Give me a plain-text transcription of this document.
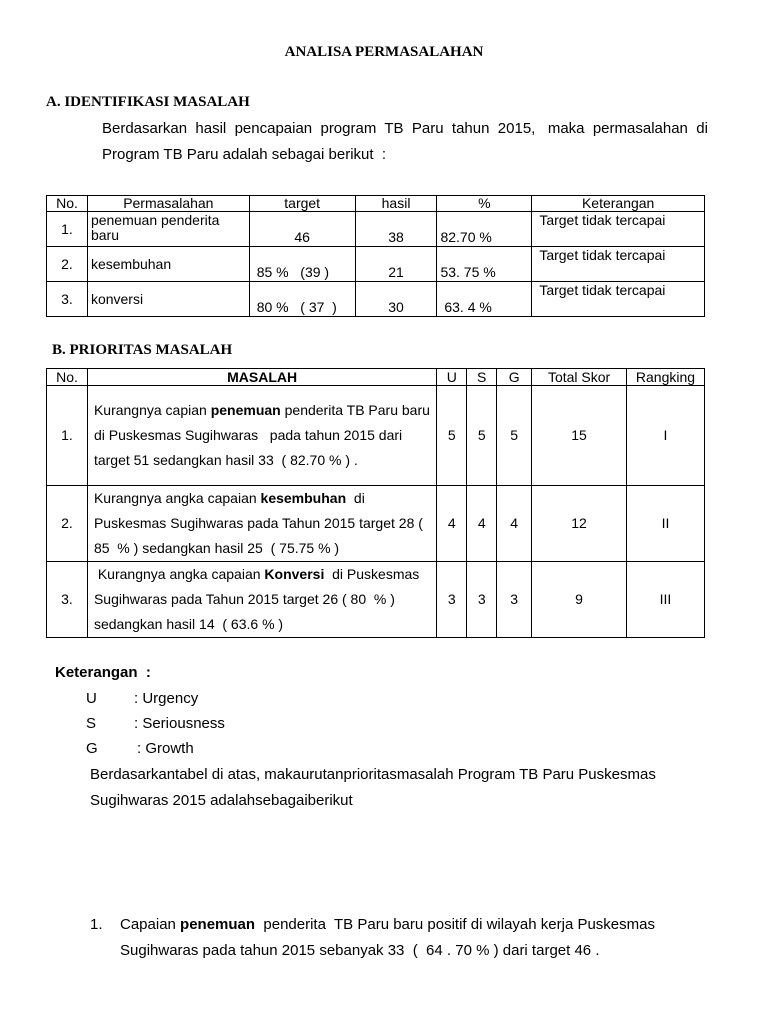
ANALISA PERMASALAHAN
A. IDENTIFIKASI MASALAH
Berdasarkan  hasil  pencapaian  program  TB  Paru  tahun  2015,   maka  permasalahan  di
Program TB Paru adalah sebagai berikut  :
No.	Permasalahan	target	hasil	%	Keterangan
1.	penemuan penderita baru	46	38	82.70 %	Target tidak tercapai
2.	kesembuhan	85 %   (39 )	21	53. 75 %	Target tidak tercapai
3.	konversi	80 %   ( 37  )	30	63. 4 %	Target tidak tercapai
B. PRIORITAS MASALAH
No.	MASALAH	U	S	G	Total Skor	Rangking
1.	Kurangnya capian penemuan penderita TB Paru baru  di Puskesmas Sugihwaras   pada tahun 2015 dari target 51 sedangkan hasil 33  ( 82.70 % ) .	5	5	5	15	I
2.	Kurangnya angka capaian kesembuhan  di Puskesmas Sugihwaras pada Tahun 2015 target 28 ( 85  % ) sedangkan hasil 25  ( 75.75 % )	4	4	4	12	II
3.	Kurangnya angka capaian Konversi  di Puskesmas Sugihwaras pada Tahun 2015 target 26 ( 80  % ) sedangkan hasil 14  ( 63.6 % )	3	3	3	9	III
Keterangan  :
U : Urgency
S	: Seriousness
G	: Growth
Berdasarkantabel di atas, makaurutanprioritasmasalah Program TB Paru Puskesmas Sugihwaras 2015 adalahsebagaiberikut
1. Capaian penemuan  penderita  TB Paru baru positif di wilayah kerja Puskesmas Sugihwaras pada tahun 2015 sebanyak 33  (  64 . 70 % ) dari target 46 .
